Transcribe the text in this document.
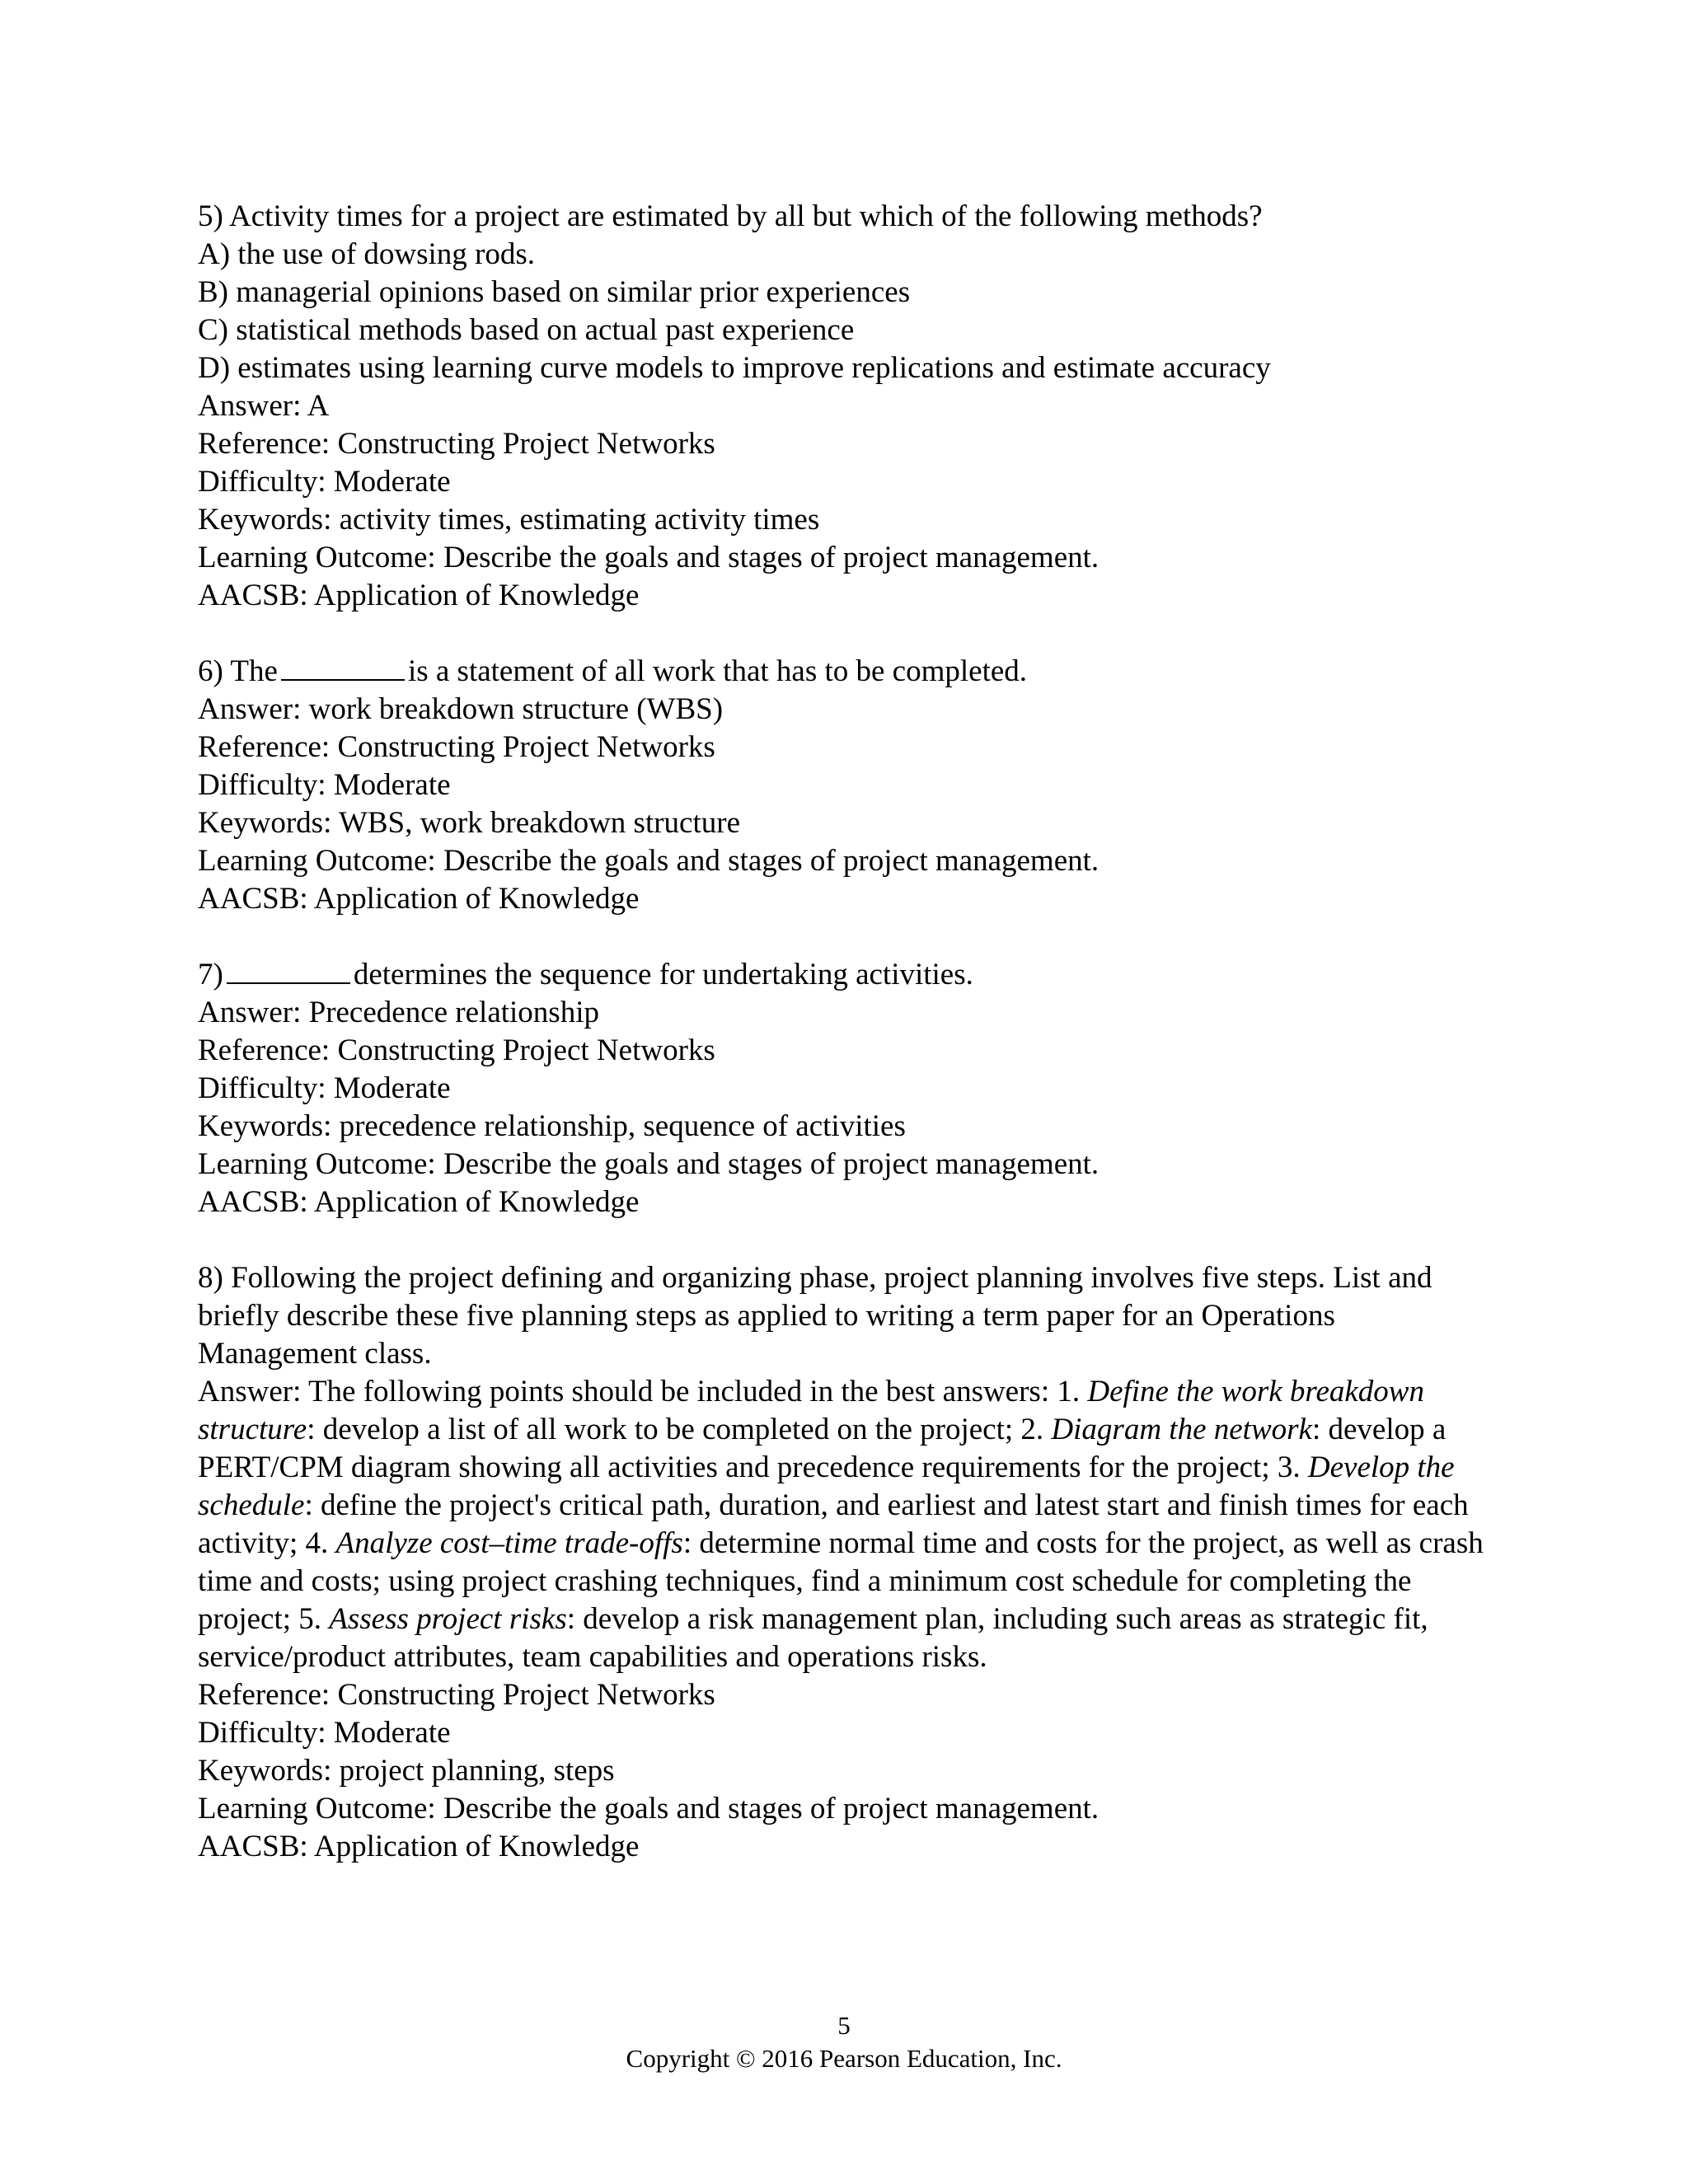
5) Activity times for a project are estimated by all but which of the following methods?

A) the use of dowsing rods.

B) managerial opinions based on similar prior experiences

C) statistical methods based on actual past experience

D) estimates using learning curve models to improve replications and estimate accuracy

Answer: A

Reference: Constructing Project Networks

Difficulty: Moderate

Keywords: activity times, estimating activity times

Learning Outcome: Describe the goals and stages of project management.

AACSB: Application of Knowledge

6) The	is a statement of all work that has to be completed.

Answer: work breakdown structure (WBS)

Reference: Constructing Project Networks

Difficulty: Moderate

Keywords: WBS, work breakdown structure

Learning Outcome: Describe the goals and stages of project management.

AACSB: Application of Knowledge

7)	determines the sequence for undertaking activities.

Answer: Precedence relationship

Reference: Constructing Project Networks

Difficulty: Moderate

Keywords: precedence relationship, sequence of activities

Learning Outcome: Describe the goals and stages of project management.

AACSB: Application of Knowledge

8) Following the project defining and organizing phase, project planning involves five steps. List and briefly describe these five planning steps as applied to writing a term paper for an Operations Management class.

Answer: The following points should be included in the best answers: 1. Define the work breakdown structure: develop a list of all work to be completed on the project; 2. Diagram the network: develop a PERT/CPM diagram showing all activities and precedence requirements for the project; 3. Develop the schedule: define the project's critical path, duration, and earliest and latest start and finish times for each activity; 4. Analyze cost–time trade-offs: determine normal time and costs for the project, as well as crash time and costs; using project crashing techniques, find a minimum cost schedule for completing the project; 5. Assess project risks: develop a risk management plan, including such areas as strategic fit, service/product attributes, team capabilities and operations risks.

Reference: Constructing Project Networks

Difficulty: Moderate

Keywords: project planning, steps

Learning Outcome: Describe the goals and stages of project management.

AACSB: Application of Knowledge

5
Copyright © 2016 Pearson Education, Inc.
